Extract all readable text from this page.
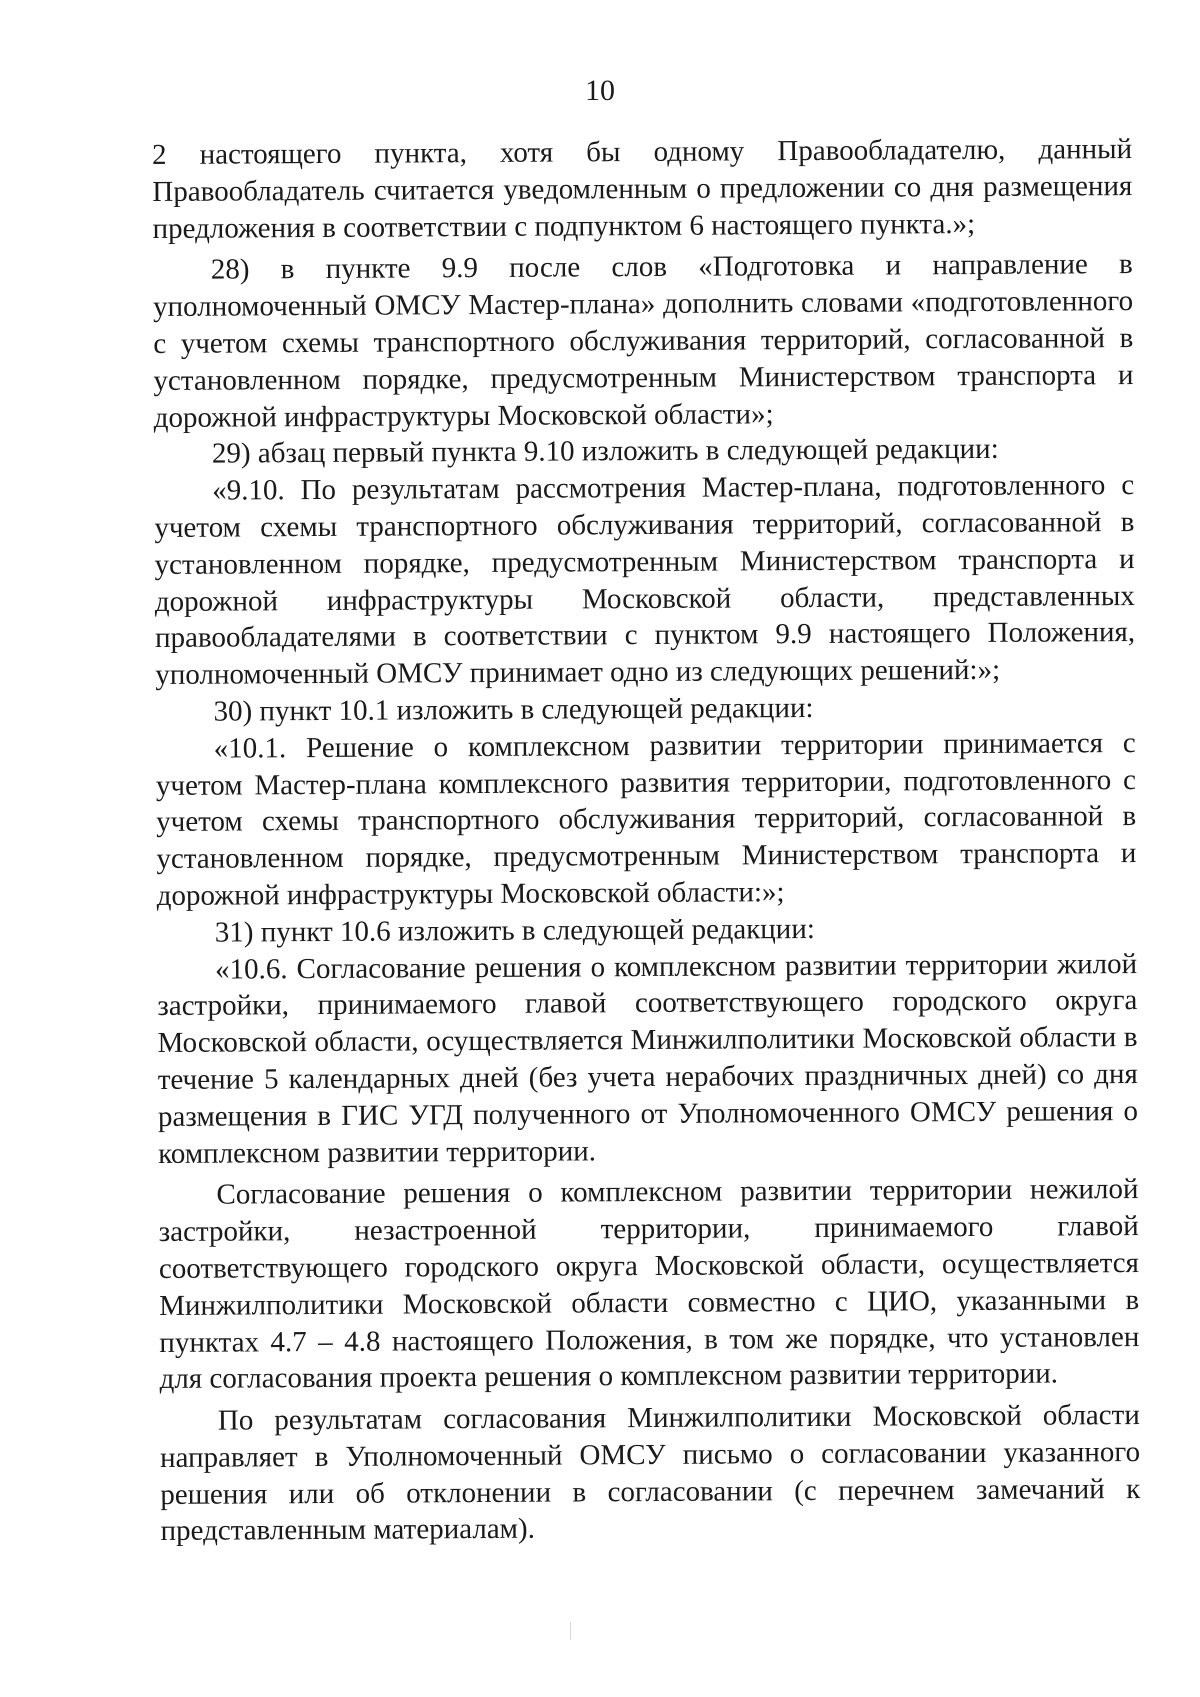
10

2 настоящего пункта, хотя бы одному Правообладателю, данный Правообладатель считается уведомленным о предложении со дня размещения предложения в соответствии с подпунктом 6 настоящего пункта.»;

28) в пункте 9.9 после слов «Подготовка и направление в уполномоченный ОМСУ Мастер-плана» дополнить словами «подготовленного с учетом схемы транспортного обслуживания территорий, согласованной в установленном порядке, предусмотренным Министерством транспорта и дорожной инфраструктуры Московской области»;

29) абзац первый пункта 9.10 изложить в следующей редакции:

«9.10. По результатам рассмотрения Мастер-плана, подготовленного с учетом схемы транспортного обслуживания территорий, согласованной в установленном порядке, предусмотренным Министерством транспорта и дорожной инфраструктуры Московской области, представленных правообладателями в соответствии с пунктом 9.9 настоящего Положения, уполномоченный ОМСУ принимает одно из следующих решений:»;

30) пункт 10.1 изложить в следующей редакции:

«10.1. Решение о комплексном развитии территории принимается с учетом Мастер-плана комплексного развития территории, подготовленного с учетом схемы транспортного обслуживания территорий, согласованной в установленном порядке, предусмотренным Министерством транспорта и дорожной инфраструктуры Московской области:»;

31) пункт 10.6 изложить в следующей редакции:

«10.6. Согласование решения о комплексном развитии территории жилой застройки, принимаемого главой соответствующего городского округа Московской области, осуществляется Минжилполитики Московской области в течение 5 календарных дней (без учета нерабочих праздничных дней) со дня размещения в ГИС УГД полученного от Уполномоченного ОМСУ решения о комплексном развитии территории.

Согласование решения о комплексном развитии территории нежилой застройки, незастроенной территории, принимаемого главой соответствующего городского округа Московской области, осуществляется Минжилполитики Московской области совместно с ЦИО, указанными в пунктах 4.7 – 4.8 настоящего Положения, в том же порядке, что установлен для согласования проекта решения о комплексном развитии территории.

По результатам согласования Минжилполитики Московской области направляет в Уполномоченный ОМСУ письмо о согласовании указанного решения или об отклонении в согласовании (с перечнем замечаний к представленным материалам).
